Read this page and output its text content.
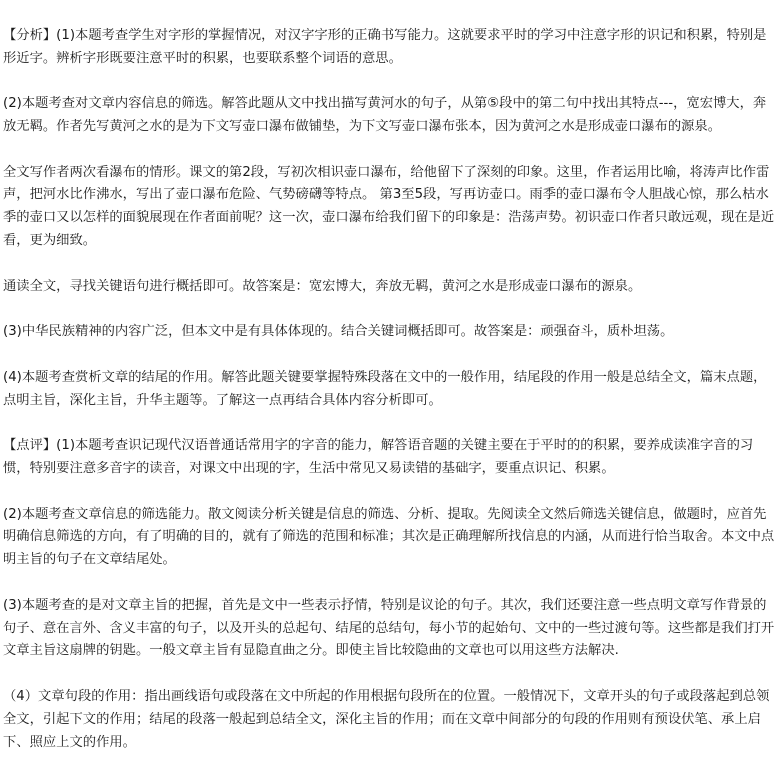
【分析】(1)本题考查学生对字形的掌握情况，对汉字字形的正确书写能力。这就要求平时的学习中注意字形的识记和积累，特别是形近字。辨析字形既要注意平时的积累，也要联系整个词语的意思。

(2)本题考查对文章内容信息的筛选。解答此题从文中找出描写黄河水的句子，从第⑤段中的第二句中找出其特点---，宽宏博大，奔放无羁。作者先写黄河之水的是为下文写壶口瀑布做铺垫，为下文写壶口瀑布张本，因为黄河之水是形成壶口瀑布的源泉。

全文写作者两次看瀑布的情形。课文的第2段，写初次相识壶口瀑布，给他留下了深刻的印象。这里，作者运用比喻，将涛声比作雷声，把河水比作沸水，写出了壶口瀑布危险、气势磅礴等特点。 第3至5段，写再访壶口。雨季的壶口瀑布令人胆战心惊，那么枯水季的壶口又以怎样的面貌展现在作者面前呢？这一次，壶口瀑布给我们留下的印象是：浩荡声势。初识壶口作者只敢远观，现在是近看，更为细致。

通读全文，寻找关键语句进行概括即可。故答案是：宽宏博大，奔放无羁，黄河之水是形成壶口瀑布的源泉。

(3)中华民族精神的内容广泛，但本文中是有具体体现的。结合关键词概括即可。故答案是：顽强奋斗，质朴坦荡。

(4)本题考查赏析文章的结尾的作用。解答此题关键要掌握特殊段落在文中的一般作用，结尾段的作用一般是总结全文，篇末点题，点明主旨，深化主旨，升华主题等。了解这一点再结合具体内容分析即可。

【点评】(1)本题考查识记现代汉语普通话常用字的字音的能力，解答语音题的关键主要在于平时的的积累，要养成读准字音的习惯，特别要注意多音字的读音，对课文中出现的字，生活中常见又易读错的基础字，要重点识记、积累。

(2)本题考查文章信息的筛选能力。散文阅读分析关键是信息的筛选、分析、提取。先阅读全文然后筛选关键信息，做题时，应首先明确信息筛选的方向，有了明确的目的，就有了筛选的范围和标准；其次是正确理解所找信息的内涵，从而进行恰当取舍。本文中点明主旨的句子在文章结尾处。

(3)本题考查的是对文章主旨的把握，首先是文中一些表示抒情，特别是议论的句子。其次，我们还要注意一些点明文章写作背景的句子、意在言外、含义丰富的句子，以及开头的总起句、结尾的总结句，每小节的起始句、文中的一些过渡句等。这些都是我们打开文章主旨这扇牌的钥匙。一般文章主旨有显隐直曲之分。即使主旨比较隐曲的文章也可以用这些方法解决.

（4）文章句段的作用：指出画线语句或段落在文中所起的作用根据句段所在的位置。一般情况下，文章开头的句子或段落起到总领全文，引起下文的作用；结尾的段落一般起到总结全文，深化主旨的作用；而在文章中间部分的句段的作用则有预设伏笔、承上启下、照应上文的作用。
